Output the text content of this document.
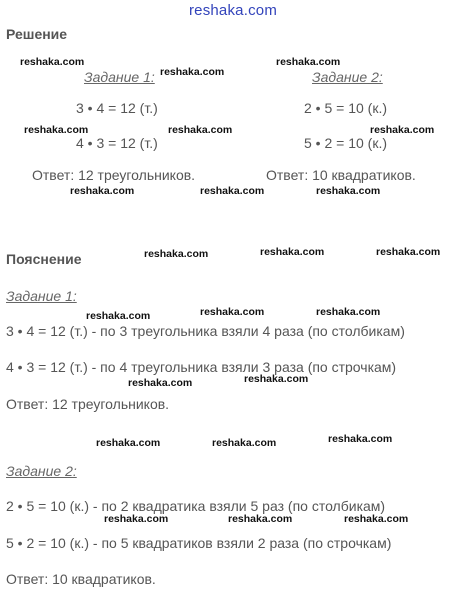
reshaka.com
Решение
Задание 1:
3 • 4 = 12 (т.)
4 • 3 = 12 (т.)
Ответ: 12 треугольников.
Задание 2:
2 • 5 = 10 (к.)
5 • 2 = 10 (к.)
Ответ: 10 квадратиков.
Пояснение
Задание 1:
3 • 4 = 12 (т.) - по 3 треугольника взяли 4 раза (по столбикам)
4 • 3 = 12 (т.) - по 4 треугольника взяли 3 раза (по строчкам)
Ответ: 12 треугольников.
Задание 2:
2 • 5 = 10 (к.) - по 2 квадратика взяли 5 раз (по столбикам)
5 • 2 = 10 (к.) - по 5 квадратиков взяли 2 раза (по строчкам)
Ответ: 10 квадратиков.
reshaka.com
reshaka.com
reshaka.com
reshaka.com	reshaka.com	reshaka.com
reshaka.com	reshaka.com	reshaka.com
reshaka.com	reshaka.com	reshaka.com
reshaka.com	reshaka.com	reshaka.com
reshaka.com	reshaka.com
reshaka.com	reshaka.com	reshaka.com
reshaka.com	reshaka.com	reshaka.com
